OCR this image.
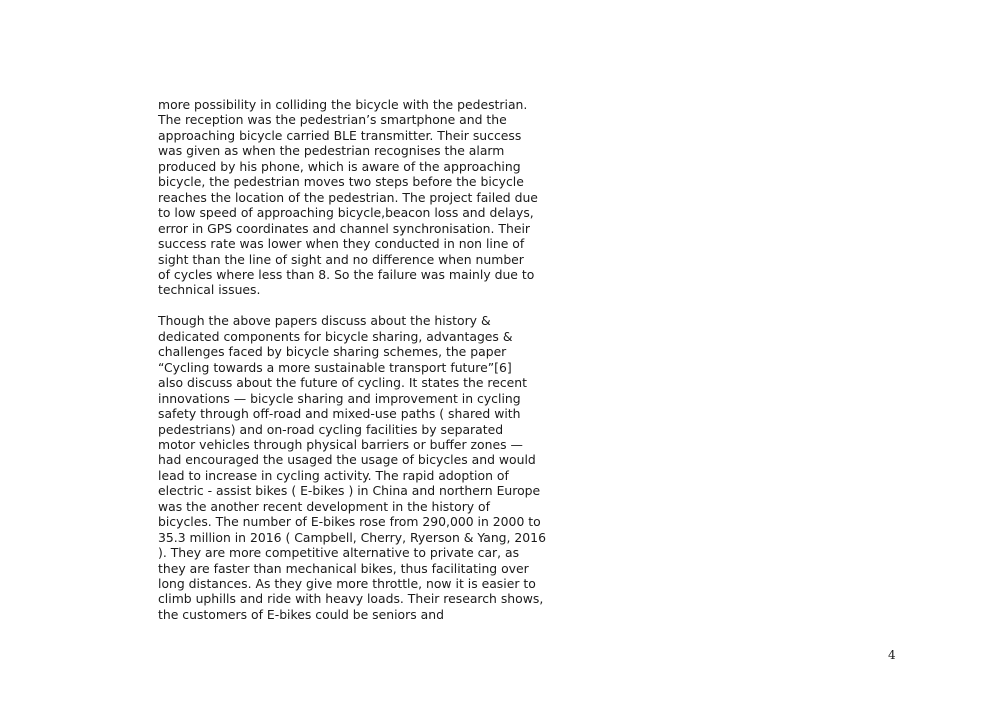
more possibility in colliding the bicycle with the pedestrian.
The reception was the pedestrian’s smartphone and the
approaching bicycle carried BLE transmitter. Their success
was given as when the pedestrian recognises the alarm
produced by his phone, which is aware of the approaching
bicycle, the pedestrian moves two steps before the bicycle
reaches the location of the pedestrian. The project failed due
to low speed of approaching bicycle,beacon loss and delays,
error in GPS coordinates and channel synchronisation. Their
success rate was lower when they conducted in non line of
sight than the line of sight and no difference when number
of cycles where less than 8. So the failure was mainly due to
technical issues.
Though the above papers discuss about the history &
dedicated components for bicycle sharing, advantages &
challenges faced by bicycle sharing schemes, the paper
“Cycling towards a more sustainable transport future”[6]
also discuss about the future of cycling. It states the recent
innovations — bicycle sharing and improvement in cycling
safety through off-road and mixed-use paths ( shared with
pedestrians) and on-road cycling facilities by separated
motor vehicles through physical barriers or buffer zones —
had encouraged the usaged the usage of bicycles and would
lead to increase in cycling activity. The rapid adoption of
electric - assist bikes ( E-bikes ) in China and northern Europe
was the another recent development in the history of
bicycles. The number of E-bikes rose from 290,000 in 2000 to
35.3 million in 2016 ( Campbell, Cherry, Ryerson & Yang, 2016
). They are more competitive alternative to private car, as
they are faster than mechanical bikes, thus facilitating over
long distances. As they give more throttle, now it is easier to
climb uphills and ride with heavy loads. Their research shows,
the customers of E-bikes could be seniors and
4
